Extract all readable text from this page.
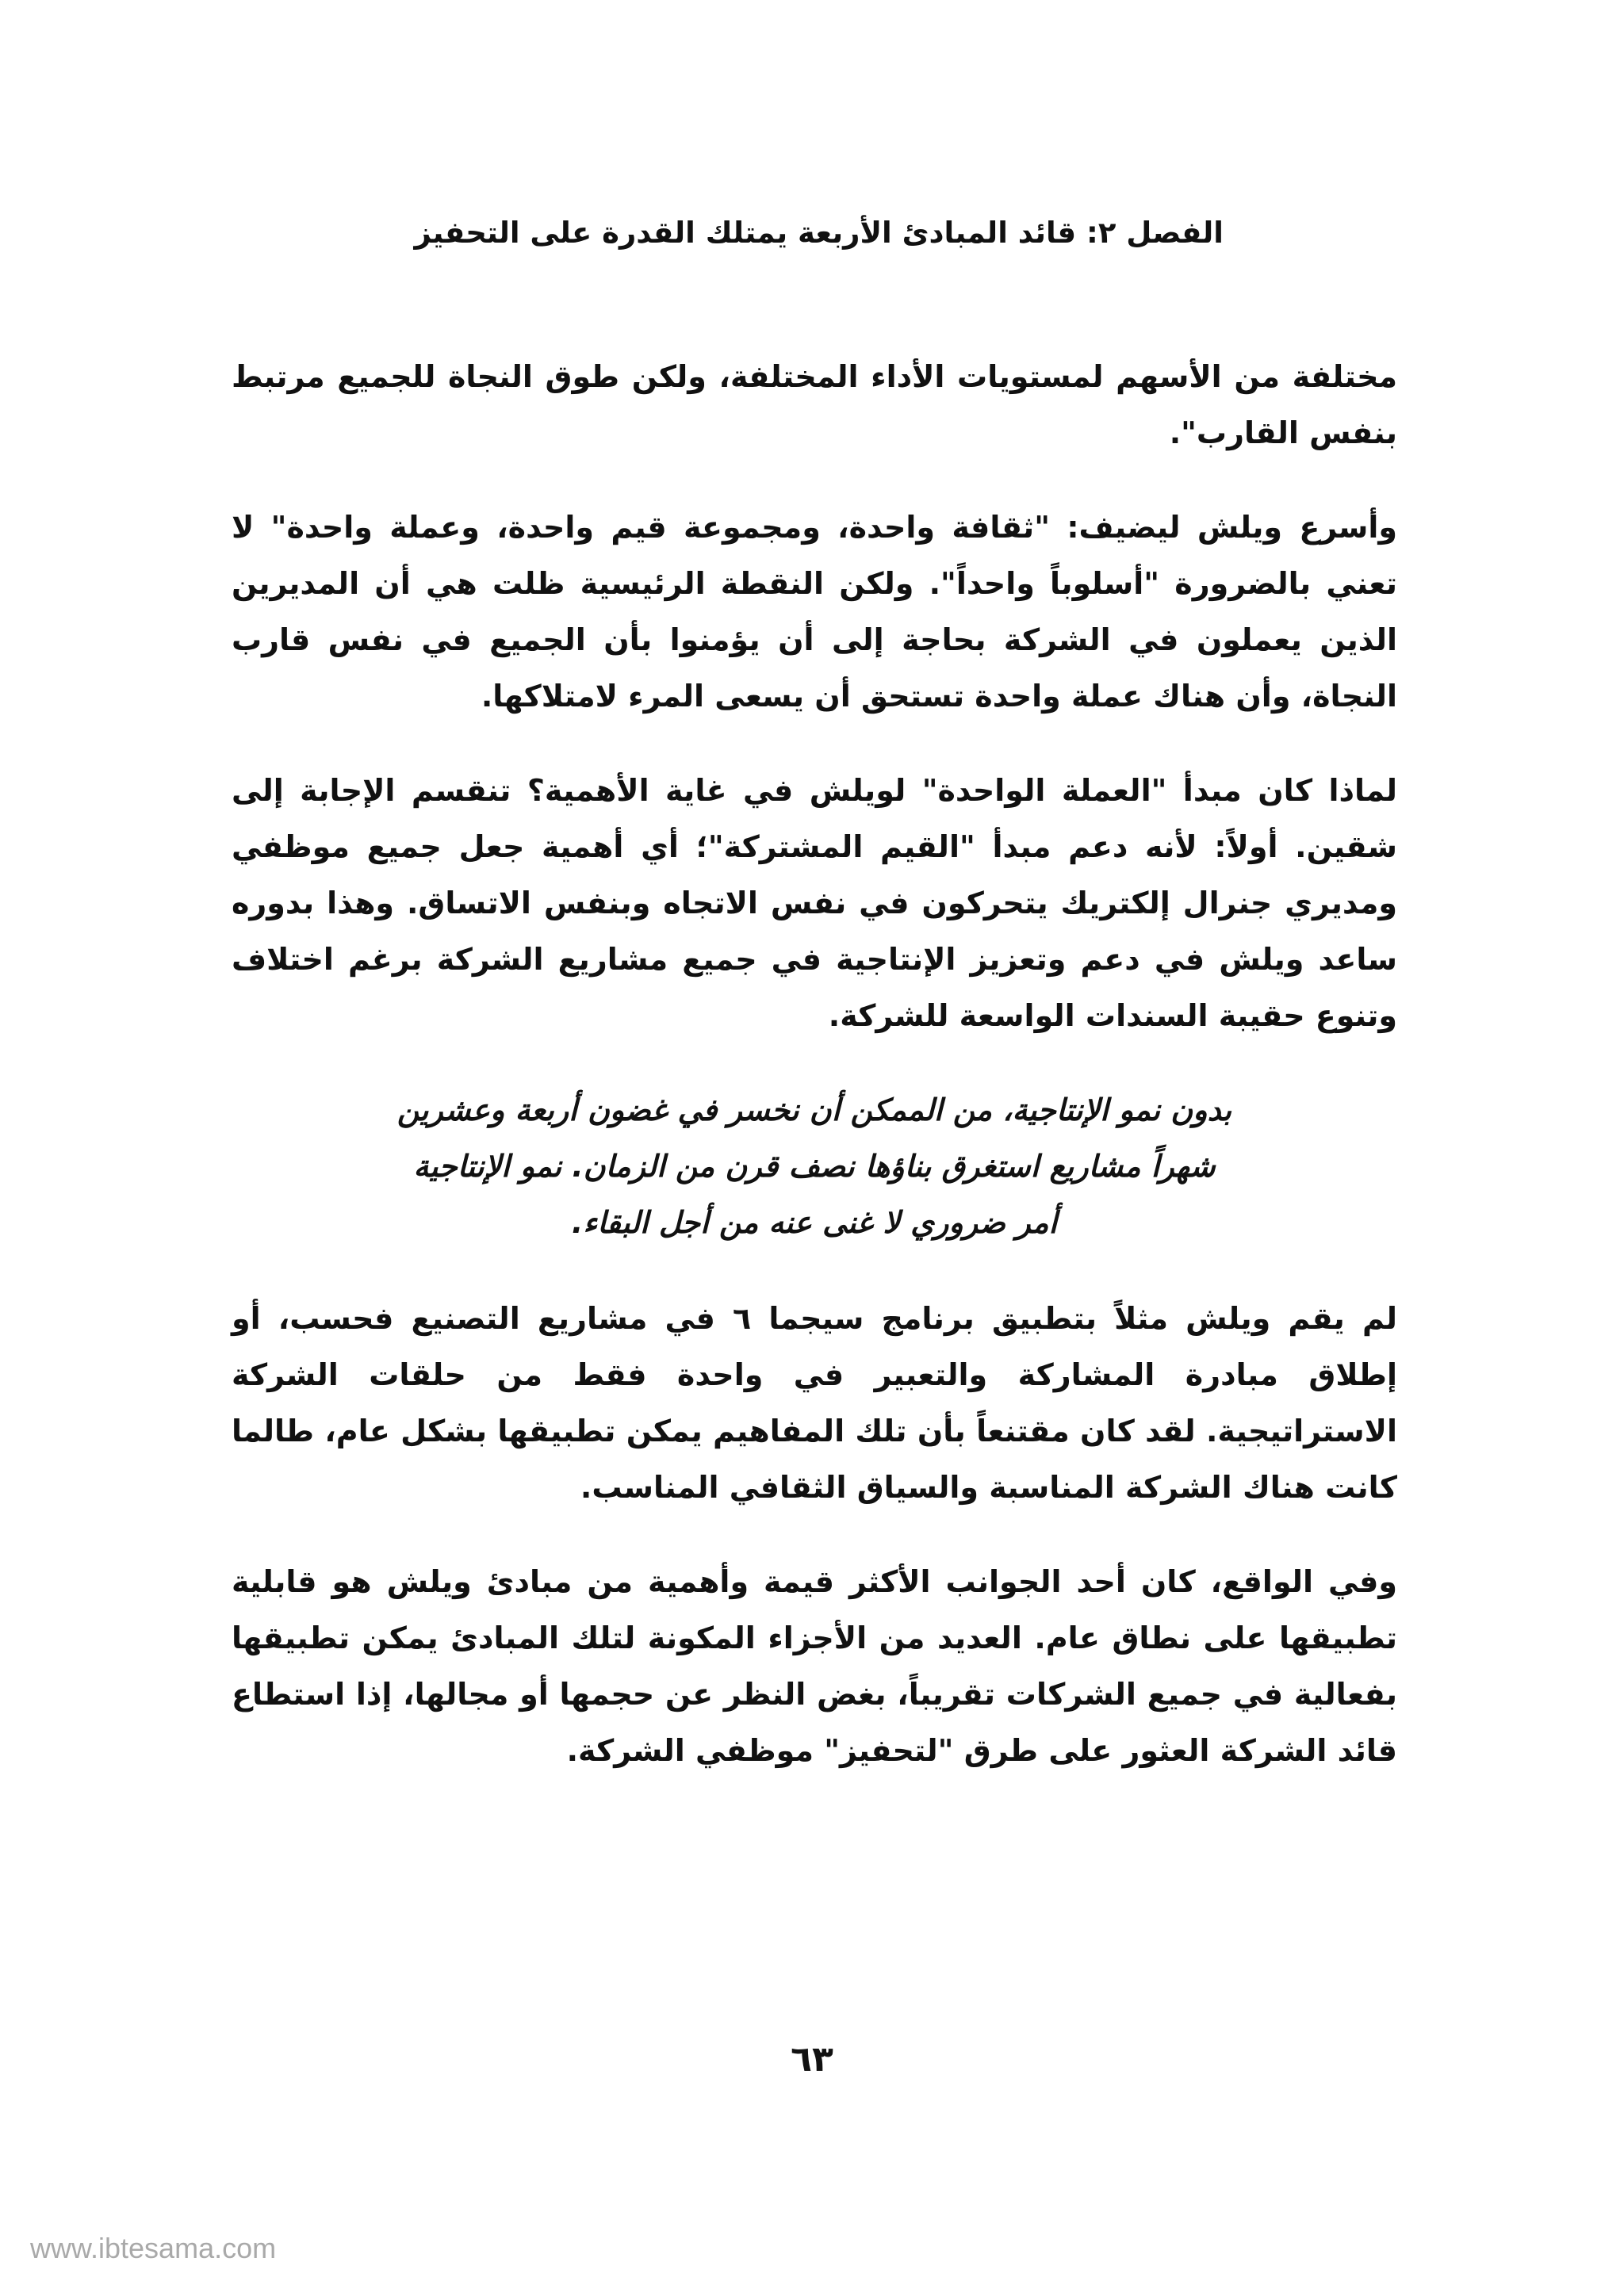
الفصل ٢: قائد المبادئ الأربعة يمتلك القدرة على التحفيز

مختلفة من الأسهم لمستويات الأداء المختلفة، ولكن طوق النجاة للجميع مرتبط بنفس القارب".

وأسرع ويلش ليضيف: "ثقافة واحدة، ومجموعة قيم واحدة، وعملة واحدة" لا تعني بالضرورة "أسلوباً واحداً". ولكن النقطة الرئيسية ظلت هي أن المديرين الذين يعملون في الشركة بحاجة إلى أن يؤمنوا بأن الجميع في نفس قارب النجاة، وأن هناك عملة واحدة تستحق أن يسعى المرء لامتلاكها.

لماذا كان مبدأ "العملة الواحدة" لويلش في غاية الأهمية؟ تنقسم الإجابة إلى شقين. أولاً: لأنه دعم مبدأ "القيم المشتركة"؛ أي أهمية جعل جميع موظفي ومديري جنرال إلكتريك يتحركون في نفس الاتجاه وبنفس الاتساق. وهذا بدوره ساعد ويلش في دعم وتعزيز الإنتاجية في جميع مشاريع الشركة برغم اختلاف وتنوع حقيبة السندات الواسعة للشركة.

بدون نمو الإنتاجية، من الممكن أن نخسر في غضون أربعة وعشرين
شهراً مشاريع استغرق بناؤها نصف قرن من الزمان. نمو الإنتاجية
أمر ضروري لا غنى عنه من أجل البقاء.

لم يقم ويلش مثلاً بتطبيق برنامج سيجما ٦ في مشاريع التصنيع فحسب، أو إطلاق مبادرة المشاركة والتعبير في واحدة فقط من حلقات الشركة الاستراتيجية. لقد كان مقتنعاً بأن تلك المفاهيم يمكن تطبيقها بشكل عام، طالما كانت هناك الشركة المناسبة والسياق الثقافي المناسب.

وفي الواقع، كان أحد الجوانب الأكثر قيمة وأهمية من مبادئ ويلش هو قابلية تطبيقها على نطاق عام. العديد من الأجزاء المكونة لتلك المبادئ يمكن تطبيقها بفعالية في جميع الشركات تقريباً، بغض النظر عن حجمها أو مجالها، إذا استطاع قائد الشركة العثور على طرق "لتحفيز" موظفي الشركة.

٦٣
www.ibtesama.com
